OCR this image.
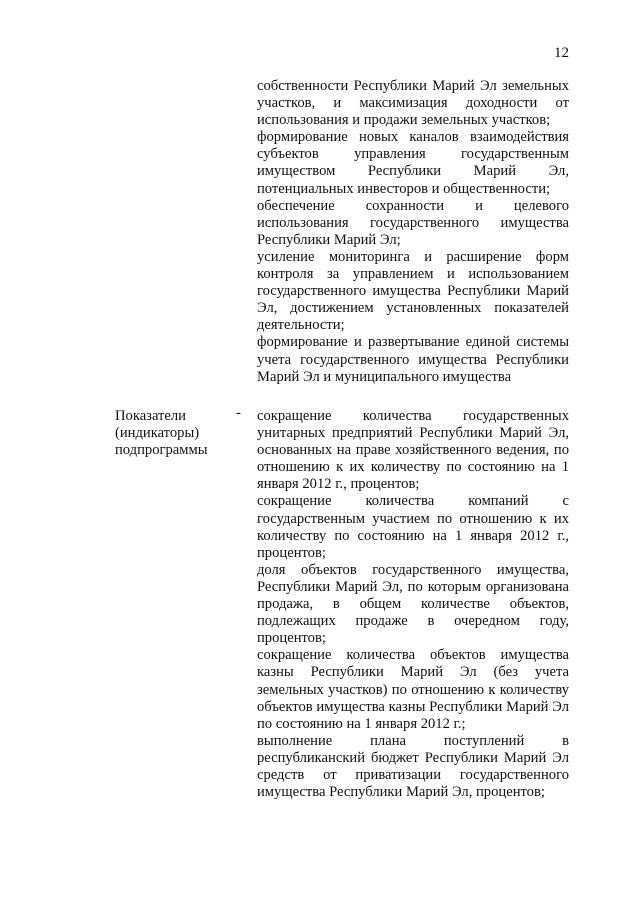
12

собственности Республики Марий Эл земельных участков, и максимизация доходности от использования и продажи земельных участков;

формирование новых каналов взаимодействия субъектов управления государственным имуществом Республики Марий Эл, потенциальных инвесторов и общественности;

обеспечение сохранности и целевого использования государственного имущества Республики Марий Эл;

усиление мониторинга и расширение форм контроля за управлением и использованием государственного имущества Республики Марий Эл, достижением установленных показателей деятельности;

формирование и развертывание единой системы учета государственного имущества Республики Марий Эл и муниципального имущества

Показатели
(индикаторы)
подпрограммы
- сокращение количества государственных унитарных предприятий Республики Марий Эл, основанных на праве хозяйственного ведения, по отношению к их количеству по состоянию на 1 января 2012 г., процентов;

сокращение количества компаний с государственным участием по отношению к их количеству по состоянию на 1 января 2012 г., процентов;

доля объектов государственного имущества, Республики Марий Эл, по которым организована продажа, в общем количестве объектов, подлежащих продаже в очередном году, процентов;

сокращение количества объектов имущества казны Республики Марий Эл (без учета земельных участков) по отношению к количеству объектов имущества казны Республики Марий Эл по состоянию на 1 января 2012 г.;

выполнение плана поступлений в республиканский бюджет Республики Марий Эл средств от приватизации государственного имущества Республики Марий Эл, процентов;
